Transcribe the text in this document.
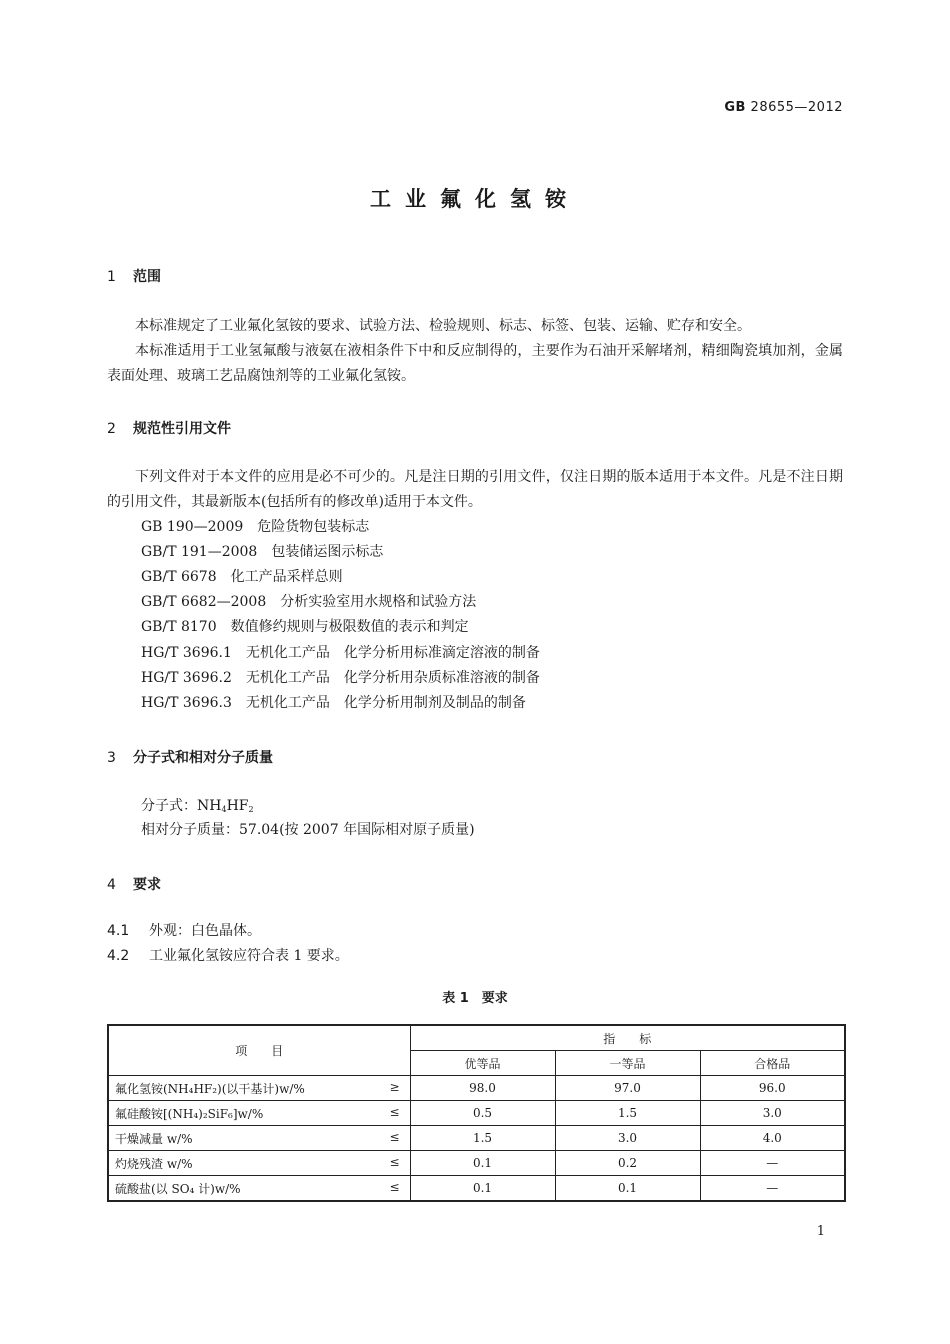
GB 28655—2012
工业氟化氢铵
1 范围
本标准规定了工业氟化氢铵的要求、试验方法、检验规则、标志、标签、包装、运输、贮存和安全。
本标准适用于工业氢氟酸与液氨在液相条件下中和反应制得的，主要作为石油开采解堵剂，精细陶瓷填加剂，金属表面处理、玻璃工艺品腐蚀剂等的工业氟化氢铵。
2 规范性引用文件
下列文件对于本文件的应用是必不可少的。凡是注日期的引用文件，仅注日期的版本适用于本文件。凡是不注日期的引用文件，其最新版本(包括所有的修改单)适用于本文件。
GB 190—2009　危险货物包装标志
GB/T 191—2008　包装储运图示标志
GB/T 6678　化工产品采样总则
GB/T 6682—2008　分析实验室用水规格和试验方法
GB/T 8170　数值修约规则与极限数值的表示和判定
HG/T 3696.1　无机化工产品　化学分析用标准滴定溶液的制备
HG/T 3696.2　无机化工产品　化学分析用杂质标准溶液的制备
HG/T 3696.3　无机化工产品　化学分析用制剂及制品的制备
3 分子式和相对分子质量
分子式：$NH_4HF_2$
相对分子质量：57.04(按 2007 年国际相对原子质量)
4 要求
4.1 外观：白色晶体。
4.2 工业氟化氢铵应符合表 1 要求。
表 1　要求
项　　目	指　　标		
	优等品	一等品	合格品
氟化氢铵(NH₄HF₂)(以干基计)w/% ≥	98.0	97.0	96.0
氟硅酸铵[(NH₄)₂SiF₆]w/% ≤	0.5	1.5	3.0
干燥减量 w/% ≤	1.5	3.0	4.0
灼烧残渣 w/% ≤	0.1	0.2	—
硫酸盐(以 SO₄ 计)w/% ≤	0.1	0.1	—
1
